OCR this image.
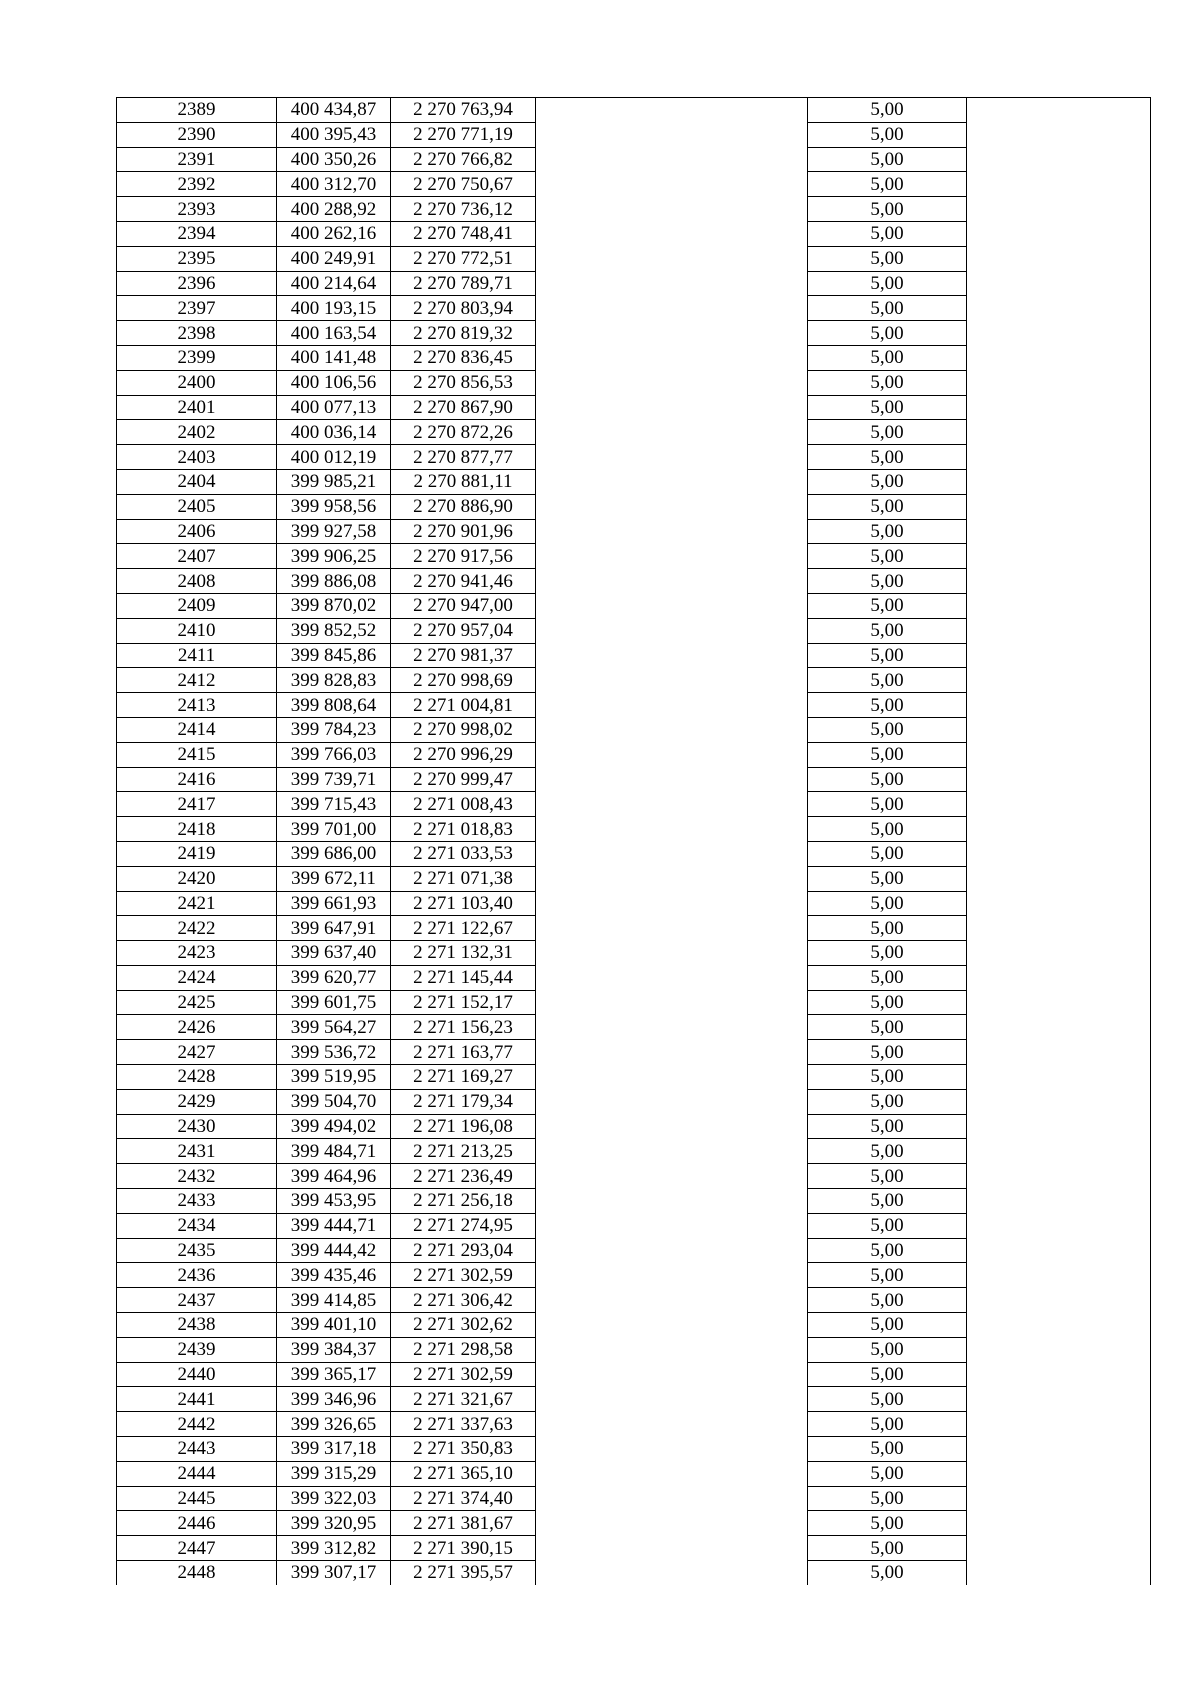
2389	400 434,87	2 270 763,94		5,00	
2390	400 395,43	2 270 771,19		5,00	
2391	400 350,26	2 270 766,82		5,00	
2392	400 312,70	2 270 750,67		5,00	
2393	400 288,92	2 270 736,12		5,00	
2394	400 262,16	2 270 748,41		5,00	
2395	400 249,91	2 270 772,51		5,00	
2396	400 214,64	2 270 789,71		5,00	
2397	400 193,15	2 270 803,94		5,00	
2398	400 163,54	2 270 819,32		5,00	
2399	400 141,48	2 270 836,45		5,00	
2400	400 106,56	2 270 856,53		5,00	
2401	400 077,13	2 270 867,90		5,00	
2402	400 036,14	2 270 872,26		5,00	
2403	400 012,19	2 270 877,77		5,00	
2404	399 985,21	2 270 881,11		5,00	
2405	399 958,56	2 270 886,90		5,00	
2406	399 927,58	2 270 901,96		5,00	
2407	399 906,25	2 270 917,56		5,00	
2408	399 886,08	2 270 941,46		5,00	
2409	399 870,02	2 270 947,00		5,00	
2410	399 852,52	2 270 957,04		5,00	
2411	399 845,86	2 270 981,37		5,00	
2412	399 828,83	2 270 998,69		5,00	
2413	399 808,64	2 271 004,81		5,00	
2414	399 784,23	2 270 998,02		5,00	
2415	399 766,03	2 270 996,29		5,00	
2416	399 739,71	2 270 999,47		5,00	
2417	399 715,43	2 271 008,43		5,00	
2418	399 701,00	2 271 018,83		5,00	
2419	399 686,00	2 271 033,53		5,00	
2420	399 672,11	2 271 071,38		5,00	
2421	399 661,93	2 271 103,40		5,00	
2422	399 647,91	2 271 122,67		5,00	
2423	399 637,40	2 271 132,31		5,00	
2424	399 620,77	2 271 145,44		5,00	
2425	399 601,75	2 271 152,17		5,00	
2426	399 564,27	2 271 156,23		5,00	
2427	399 536,72	2 271 163,77		5,00	
2428	399 519,95	2 271 169,27		5,00	
2429	399 504,70	2 271 179,34		5,00	
2430	399 494,02	2 271 196,08		5,00	
2431	399 484,71	2 271 213,25		5,00	
2432	399 464,96	2 271 236,49		5,00	
2433	399 453,95	2 271 256,18		5,00	
2434	399 444,71	2 271 274,95		5,00	
2435	399 444,42	2 271 293,04		5,00	
2436	399 435,46	2 271 302,59		5,00	
2437	399 414,85	2 271 306,42		5,00	
2438	399 401,10	2 271 302,62		5,00	
2439	399 384,37	2 271 298,58		5,00	
2440	399 365,17	2 271 302,59		5,00	
2441	399 346,96	2 271 321,67		5,00	
2442	399 326,65	2 271 337,63		5,00	
2443	399 317,18	2 271 350,83		5,00	
2444	399 315,29	2 271 365,10		5,00	
2445	399 322,03	2 271 374,40		5,00	
2446	399 320,95	2 271 381,67		5,00	
2447	399 312,82	2 271 390,15		5,00	
2448	399 307,17	2 271 395,57		5,00	
